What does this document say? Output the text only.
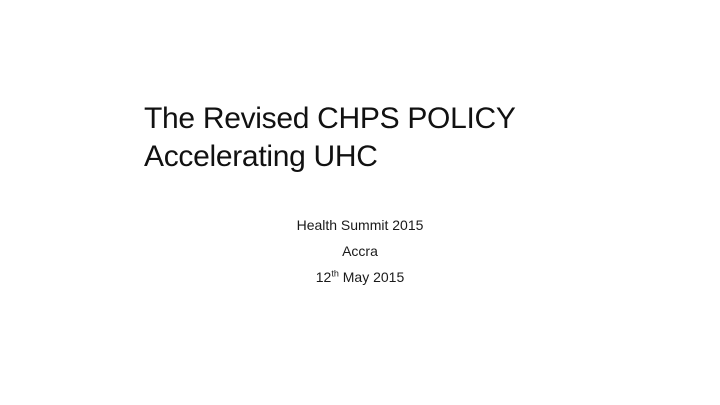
The Revised CHPS POLICY
Accelerating UHC
Health Summit 2015
Accra
12th May 2015
